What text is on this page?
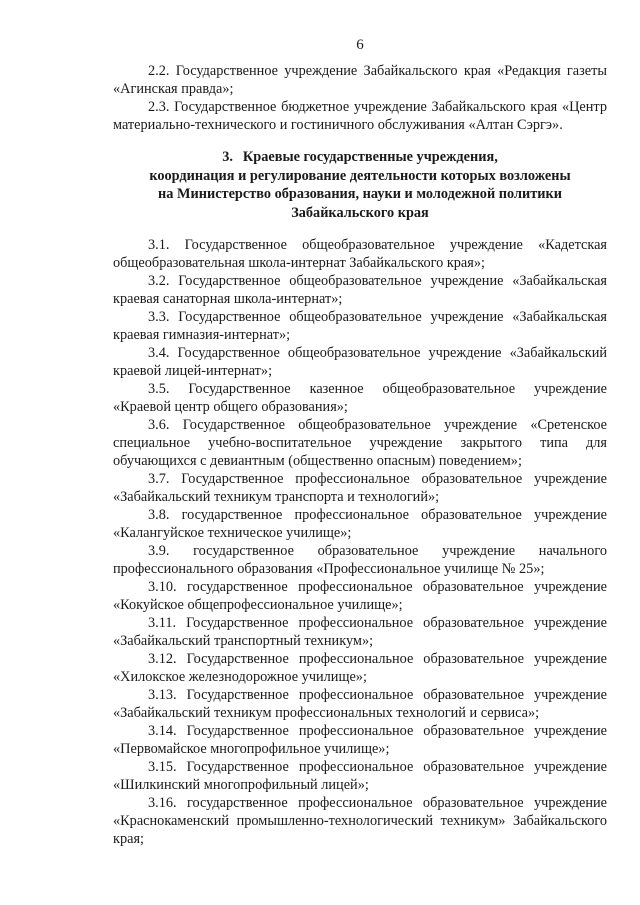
6

2.2. Государственное учреждение Забайкальского края «Редакция газеты «Агинская правда»;

2.3. Государственное бюджетное учреждение Забайкальского края «Центр материально-технического и гостиничного обслуживания «Алтан Сэргэ».

3. Краевые государственные учреждения,

координация и регулирование деятельности которых возложены

на Министерство образования, науки и молодежной политики

Забайкальского края

3.1. Государственное общеобразовательное учреждение «Кадетская общеобразовательная школа-интернат Забайкальского края»;

3.2. Государственное общеобразовательное учреждение «Забайкальская краевая санаторная школа-интернат»;

3.3. Государственное общеобразовательное учреждение «Забайкальская краевая гимназия-интернат»;

3.4. Государственное общеобразовательное учреждение «Забайкальский краевой лицей-интернат»;

3.5. Государственное казенное общеобразовательное учреждение «Краевой центр общего образования»;

3.6. Государственное общеобразовательное учреждение «Сретенское специальное учебно-воспитательное учреждение закрытого типа для обучающихся с девиантным (общественно опасным) поведением»;

3.7. Государственное профессиональное образовательное учреждение «Забайкальский техникум транспорта и технологий»;

3.8. государственное профессиональное образовательное учреждение «Калангуйское техническое училище»;

3.9. государственное образовательное учреждение начального профессионального образования «Профессиональное училище № 25»;

3.10. государственное профессиональное образовательное учреждение «Кокуйское общепрофессиональное училище»;

3.11. Государственное профессиональное образовательное учреждение «Забайкальский транспортный техникум»;

3.12. Государственное профессиональное образовательное учреждение «Хилокское железнодорожное училище»;

3.13. Государственное профессиональное образовательное учреждение «Забайкальский техникум профессиональных технологий и сервиса»;

3.14. Государственное профессиональное образовательное учреждение «Первомайское многопрофильное училище»;

3.15. Государственное профессиональное образовательное учреждение «Шилкинский многопрофильный лицей»;

3.16. государственное профессиональное образовательное учреждение «Краснокаменский промышленно-технологический техникум» Забайкальского края;
